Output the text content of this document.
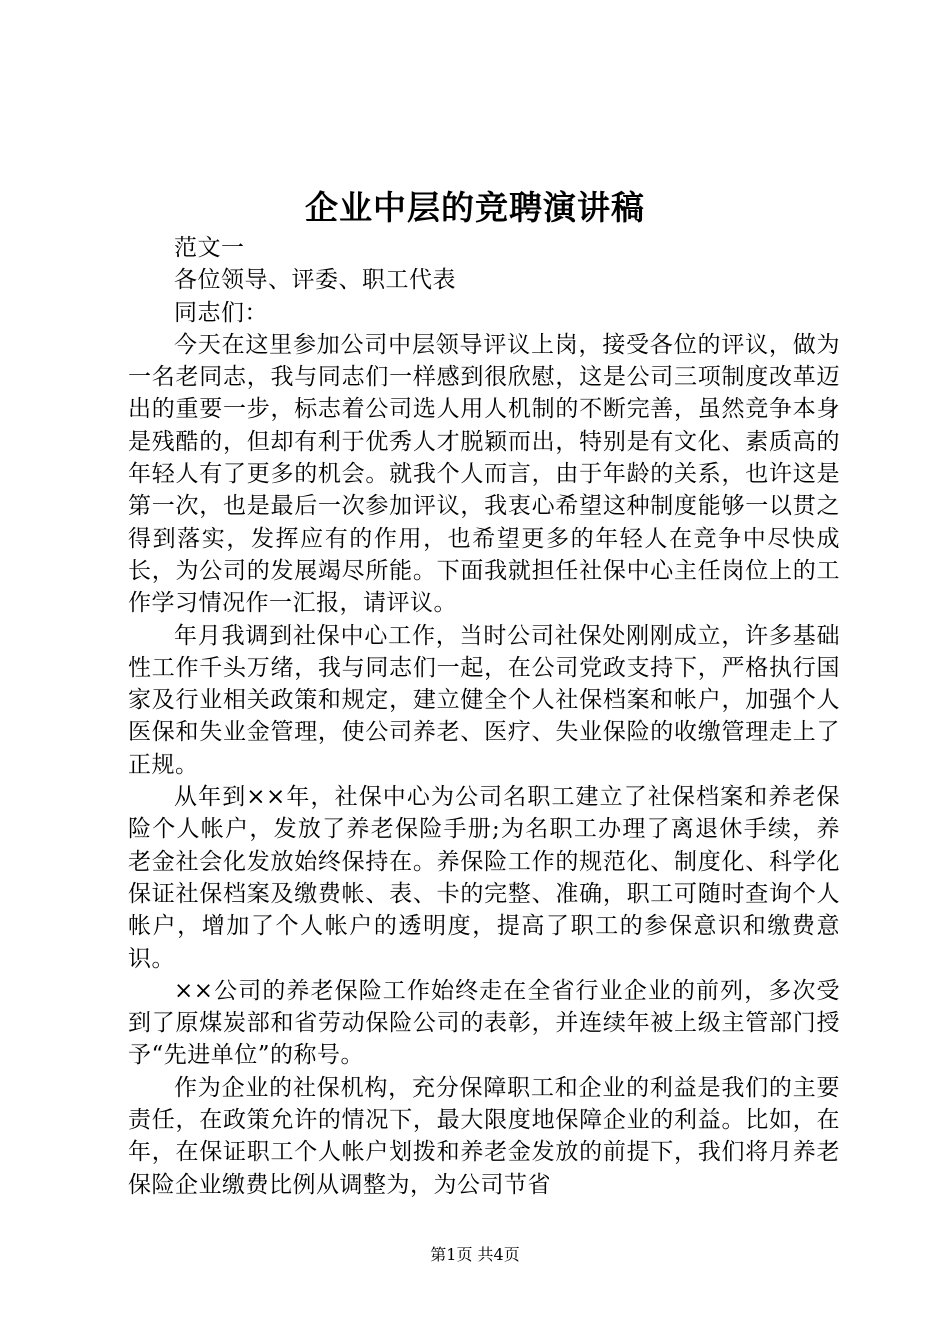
企业中层的竞聘演讲稿

范文一

各位领导、评委、职工代表

同志们：

今天在这里参加公司中层领导评议上岗，接受各位的评议，做为一名老同志，我与同志们一样感到很欣慰，这是公司三项制度改革迈出的重要一步，标志着公司选人用人机制的不断完善，虽然竞争本身是残酷的，但却有利于优秀人才脱颖而出，特别是有文化、素质高的年轻人有了更多的机会。就我个人而言，由于年龄的关系，也许这是第一次，也是最后一次参加评议，我衷心希望这种制度能够一以贯之得到落实，发挥应有的作用，也希望更多的年轻人在竞争中尽快成长，为公司的发展竭尽所能。下面我就担任社保中心主任岗位上的工作学习情况作一汇报，请评议。

年月我调到社保中心工作，当时公司社保处刚刚成立，许多基础性工作千头万绪，我与同志们一起，在公司党政支持下，严格执行国家及行业相关政策和规定，建立健全个人社保档案和帐户，加强个人医保和失业金管理，使公司养老、医疗、失业保险的收缴管理走上了正规。

从年到××年，社保中心为公司名职工建立了社保档案和养老保险个人帐户，发放了养老保险手册;为名职工办理了离退休手续，养老金社会化发放始终保持在。养保险工作的规范化、制度化、科学化保证社保档案及缴费帐、表、卡的完整、准确，职工可随时查询个人帐户，增加了个人帐户的透明度，提高了职工的参保意识和缴费意识。

××公司的养老保险工作始终走在全省行业企业的前列，多次受到了原煤炭部和省劳动保险公司的表彰，并连续年被上级主管部门授予“先进单位”的称号。

作为企业的社保机构，充分保障职工和企业的利益是我们的主要责任，在政策允许的情况下，最大限度地保障企业的利益。比如，在年，在保证职工个人帐户划拨和养老金发放的前提下，我们将月养老保险企业缴费比例从调整为，为公司节省

第1页 共4页
